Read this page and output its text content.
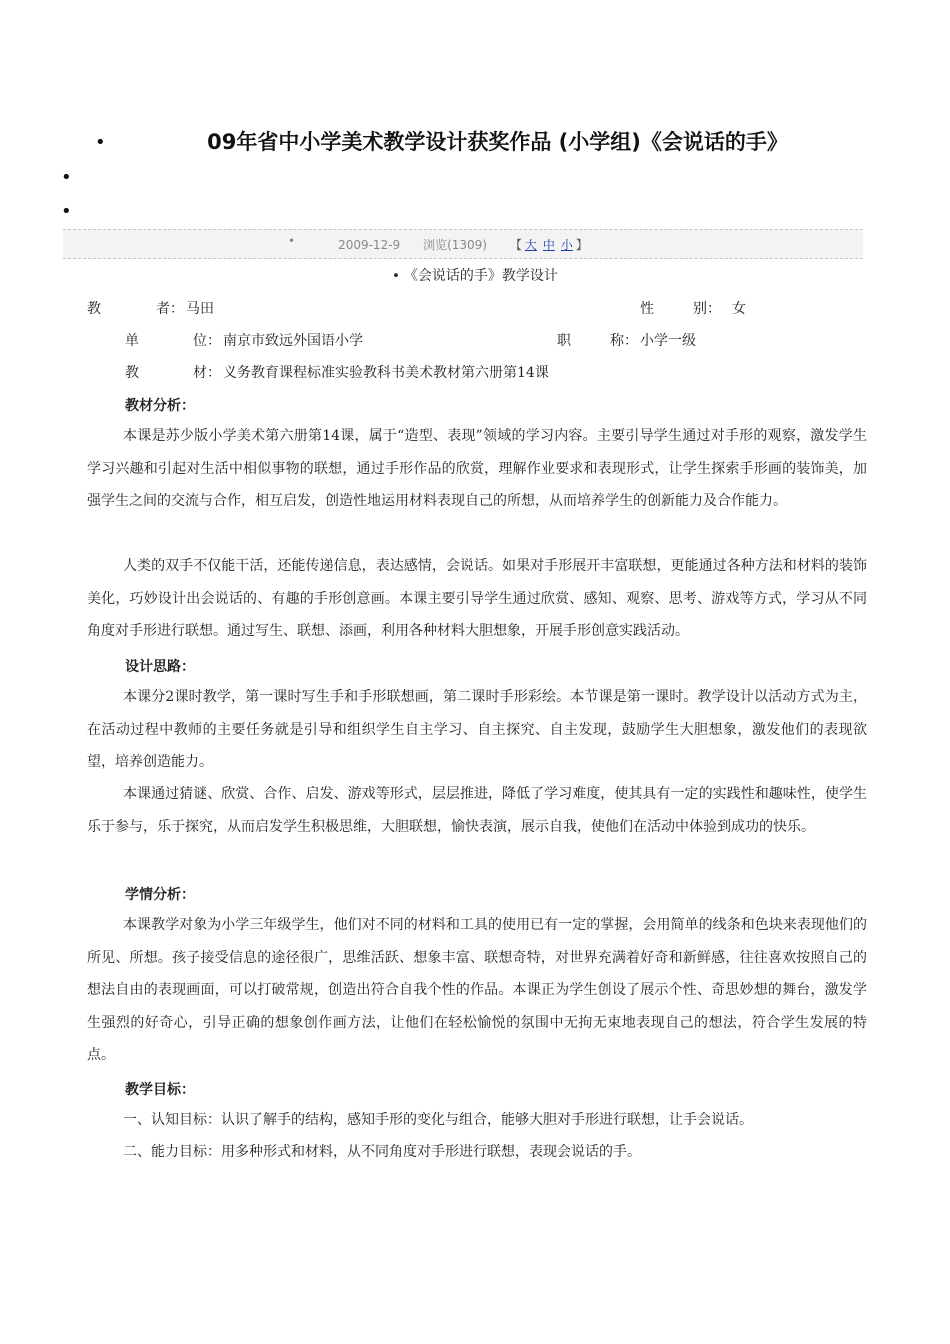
•	09年省中小学美术教学设计获奖作品 (小学组)《会说话的手》
•
•
•	2009-12-9 浏览(1309) 【 大 中 小 】
• 《会说话的手》教学设计
教	者： 马田	性	别： 女
单	位： 南京市致远外国语小学	职	称： 小学一级
教	材： 义务教育课程标准实验教科书美术教材第六册第14课
教材分析：
本课是苏少版小学美术第六册第14课，属于“造型、表现”领域的学习内容。主要引导学生通过对手形的观察，激发学生学习兴趣和引起对生活中相似事物的联想，通过手形作品的欣赏，理解作业要求和表现形式，让学生探索手形画的装饰美，加强学生之间的交流与合作，相互启发，创造性地运用材料表现自己的所想，从而培养学生的创新能力及合作能力。
人类的双手不仅能干活，还能传递信息，表达感情，会说话。如果对手形展开丰富联想，更能通过各种方法和材料的装饰美化，巧妙设计出会说话的、有趣的手形创意画。本课主要引导学生通过欣赏、感知、观察、思考、游戏等方式，学习从不同角度对手形进行联想。通过写生、联想、添画，利用各种材料大胆想象，开展手形创意实践活动。
设计思路：
本课分2课时教学，第一课时写生手和手形联想画，第二课时手形彩绘。本节课是第一课时。教学设计以活动方式为主，在活动过程中教师的主要任务就是引导和组织学生自主学习、自主探究、自主发现，鼓励学生大胆想象，激发他们的表现欲望，培养创造能力。
本课通过猜谜、欣赏、合作、启发、游戏等形式，层层推进，降低了学习难度，使其具有一定的实践性和趣味性，使学生乐于参与，乐于探究，从而启发学生积极思维，大胆联想，愉快表演，展示自我，使他们在活动中体验到成功的快乐。
学情分析：
本课教学对象为小学三年级学生，他们对不同的材料和工具的使用已有一定的掌握，会用简单的线条和色块来表现他们的所见、所想。孩子接受信息的途径很广，思维活跃、想象丰富、联想奇特，对世界充满着好奇和新鲜感，往往喜欢按照自己的想法自由的表现画面，可以打破常规，创造出符合自我个性的作品。本课正为学生创设了展示个性、奇思妙想的舞台，激发学生强烈的好奇心，引导正确的想象创作画方法，让他们在轻松愉悦的氛围中无拘无束地表现自己的想法，符合学生发展的特点。
教学目标：
一、认知目标：认识了解手的结构，感知手形的变化与组合，能够大胆对手形进行联想，让手会说话。
二、能力目标：用多种形式和材料，从不同角度对手形进行联想，表现会说话的手。
